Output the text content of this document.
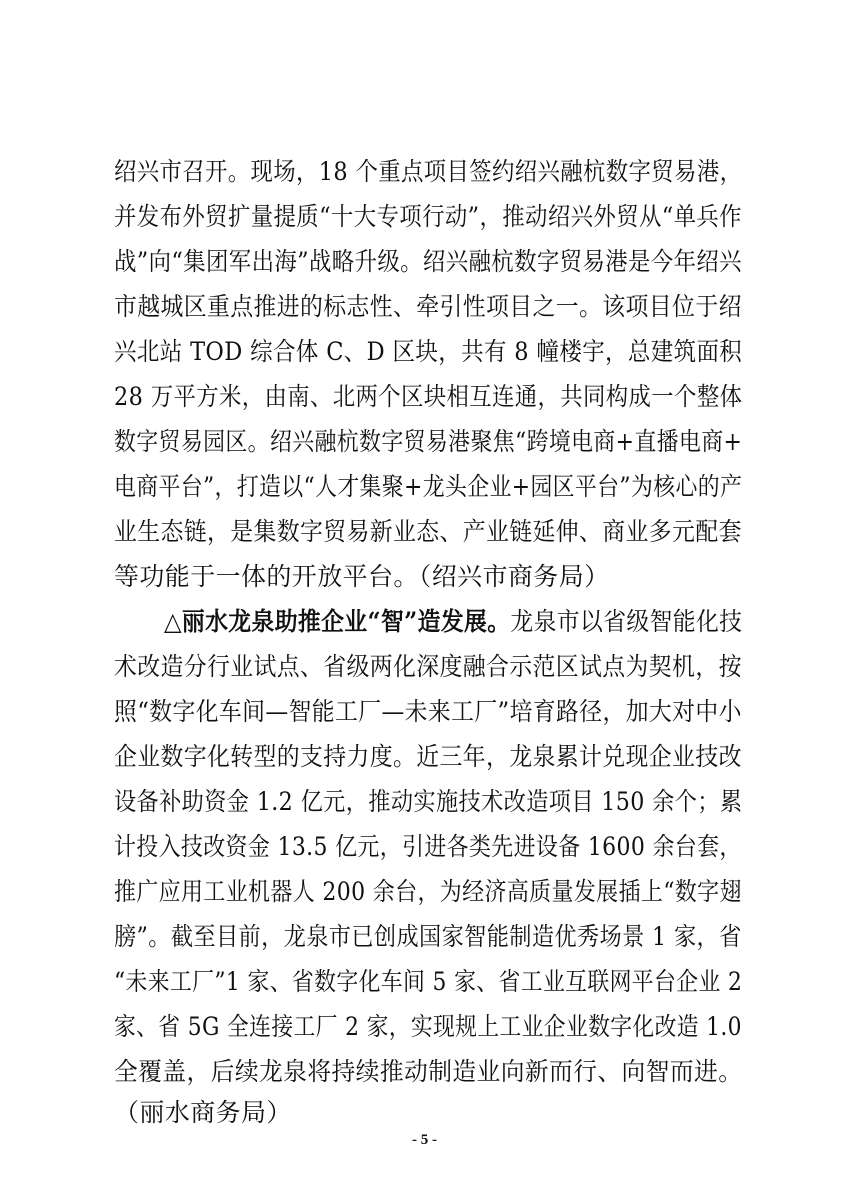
绍兴市召开。现场，18 个重点项目签约绍兴融杭数字贸易港，
并发布外贸扩量提质“十大专项行动”，推动绍兴外贸从“单兵作
战”向“集团军出海”战略升级。绍兴融杭数字贸易港是今年绍兴
市越城区重点推进的标志性、牵引性项目之一。该项目位于绍
兴北站 TOD 综合体 C、D 区块，共有 8 幢楼宇，总建筑面积
28 万平方米，由南、北两个区块相互连通，共同构成一个整体
数字贸易园区。绍兴融杭数字贸易港聚焦“跨境电商+直播电商+
电商平台”，打造以“人才集聚+龙头企业+园区平台”为核心的产
业生态链，是集数字贸易新业态、产业链延伸、商业多元配套
等功能于一体的开放平台。（绍兴市商务局）
△丽水龙泉助推企业“智”造发展。龙泉市以省级智能化技
术改造分行业试点、省级两化深度融合示范区试点为契机，按
照“数字化车间—智能工厂—未来工厂”培育路径，加大对中小
企业数字化转型的支持力度。近三年，龙泉累计兑现企业技改
设备补助资金 1.2 亿元，推动实施技术改造项目 150 余个；累
计投入技改资金 13.5 亿元，引进各类先进设备 1600 余台套，
推广应用工业机器人 200 余台，为经济高质量发展插上“数字翅
膀”。截至目前，龙泉市已创成国家智能制造优秀场景 1 家，省
“未来工厂”1 家、省数字化车间 5 家、省工业互联网平台企业 2
家、省 5G 全连接工厂 2 家，实现规上工业企业数字化改造 1.0
全覆盖，后续龙泉将持续推动制造业向新而行、向智而进。
（丽水商务局）
- 5 -
